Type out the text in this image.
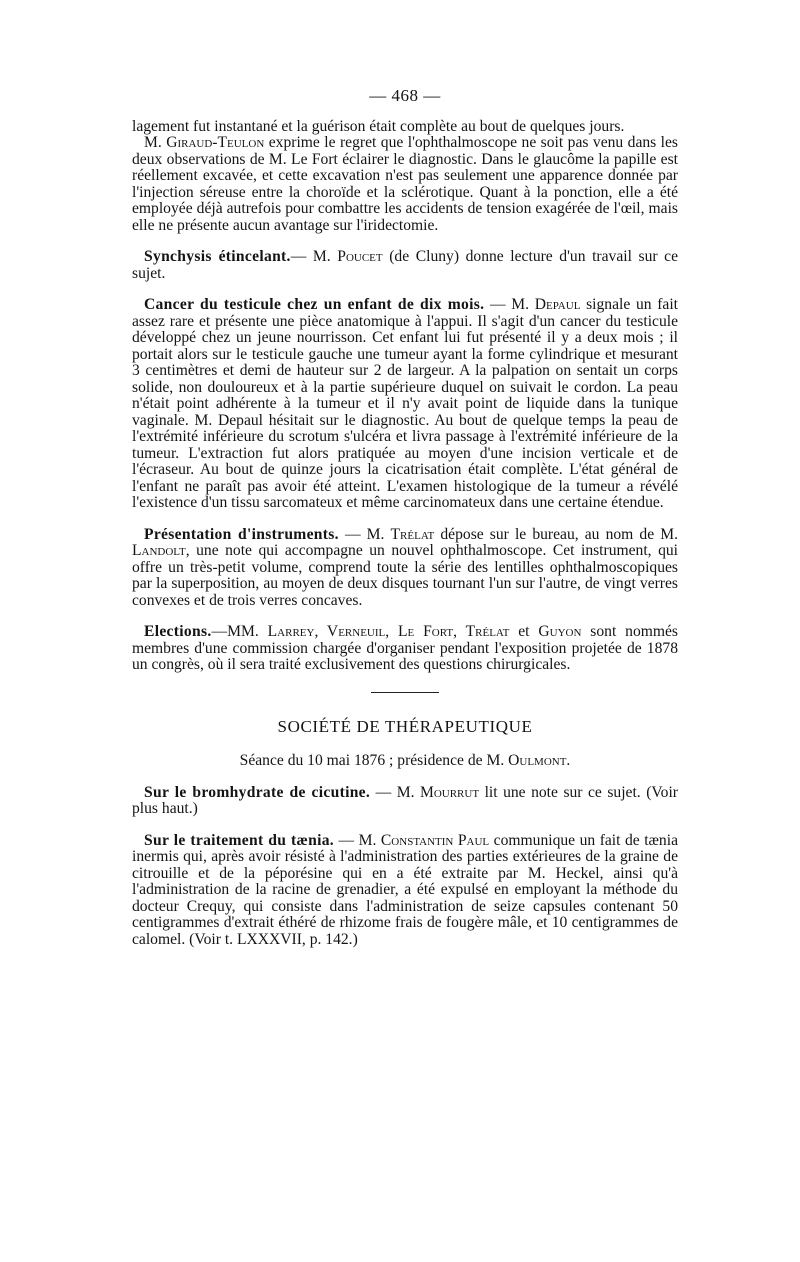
— 468 —

lagement fut instantané et la guérison était complète au bout de quelques jours.

M. Giraud-Teulon exprime le regret que l'ophthalmoscope ne soit pas venu dans les deux observations de M. Le Fort éclairer le diagnostic. Dans le glaucôme la papille est réellement excavée, et cette excavation n'est pas seulement une apparence donnée par l'injection séreuse entre la choroïde et la sclérotique. Quant à la ponction, elle a été employée déjà autrefois pour combattre les accidents de tension exagérée de l'œil, mais elle ne présente aucun avantage sur l'iridectomie.

Synchysis étincelant.— M. Poucet (de Cluny) donne lecture d'un travail sur ce sujet.

Cancer du testicule chez un enfant de dix mois. — M. Depaul signale un fait assez rare et présente une pièce anatomique à l'appui. Il s'agit d'un cancer du testicule développé chez un jeune nourrisson. Cet enfant lui fut présenté il y a deux mois ; il portait alors sur le testicule gauche une tumeur ayant la forme cylindrique et mesurant 3 centimètres et demi de hauteur sur 2 de largeur. A la palpation on sentait un corps solide, non douloureux et à la partie supérieure duquel on suivait le cordon. La peau n'était point adhérente à la tumeur et il n'y avait point de liquide dans la tunique vaginale. M. Depaul hésitait sur le diagnostic. Au bout de quelque temps la peau de l'extrémité inférieure du scrotum s'ulcéra et livra passage à l'extrémité inférieure de la tumeur. L'extraction fut alors pratiquée au moyen d'une incision verticale et de l'écraseur. Au bout de quinze jours la cicatrisation était complète. L'état général de l'enfant ne paraît pas avoir été atteint. L'examen histologique de la tumeur a révélé l'existence d'un tissu sarcomateux et même carcinomateux dans une certaine étendue.

Présentation d'instruments. — M. Trélat dépose sur le bureau, au nom de M. Landolt, une note qui accompagne un nouvel ophthalmoscope. Cet instrument, qui offre un très-petit volume, comprend toute la série des lentilles ophthalmoscopiques par la superposition, au moyen de deux disques tournant l'un sur l'autre, de vingt verres convexes et de trois verres concaves.

Elections.—MM. Larrey, Verneuil, Le Fort, Trélat et Guyon sont nommés membres d'une commission chargée d'organiser pendant l'exposition projetée de 1878 un congrès, où il sera traité exclusivement des questions chirurgicales.

SOCIÉTÉ DE THÉRAPEUTIQUE
Séance du 10 mai 1876 ; présidence de M. Oulmont.

Sur le bromhydrate de cicutine. — M. Mourrut lit une note sur ce sujet. (Voir plus haut.)

Sur le traitement du tænia. — M. Constantin Paul communique un fait de tænia inermis qui, après avoir résisté à l'administration des parties extérieures de la graine de citrouille et de la péporésine qui en a été extraite par M. Heckel, ainsi qu'à l'administration de la racine de grenadier, a été expulsé en employant la méthode du docteur Crequy, qui consiste dans l'administration de seize capsules contenant 50 centigrammes d'extrait éthéré de rhizome frais de fougère mâle, et 10 centigrammes de calomel. (Voir t. LXXXVII, p. 142.)
